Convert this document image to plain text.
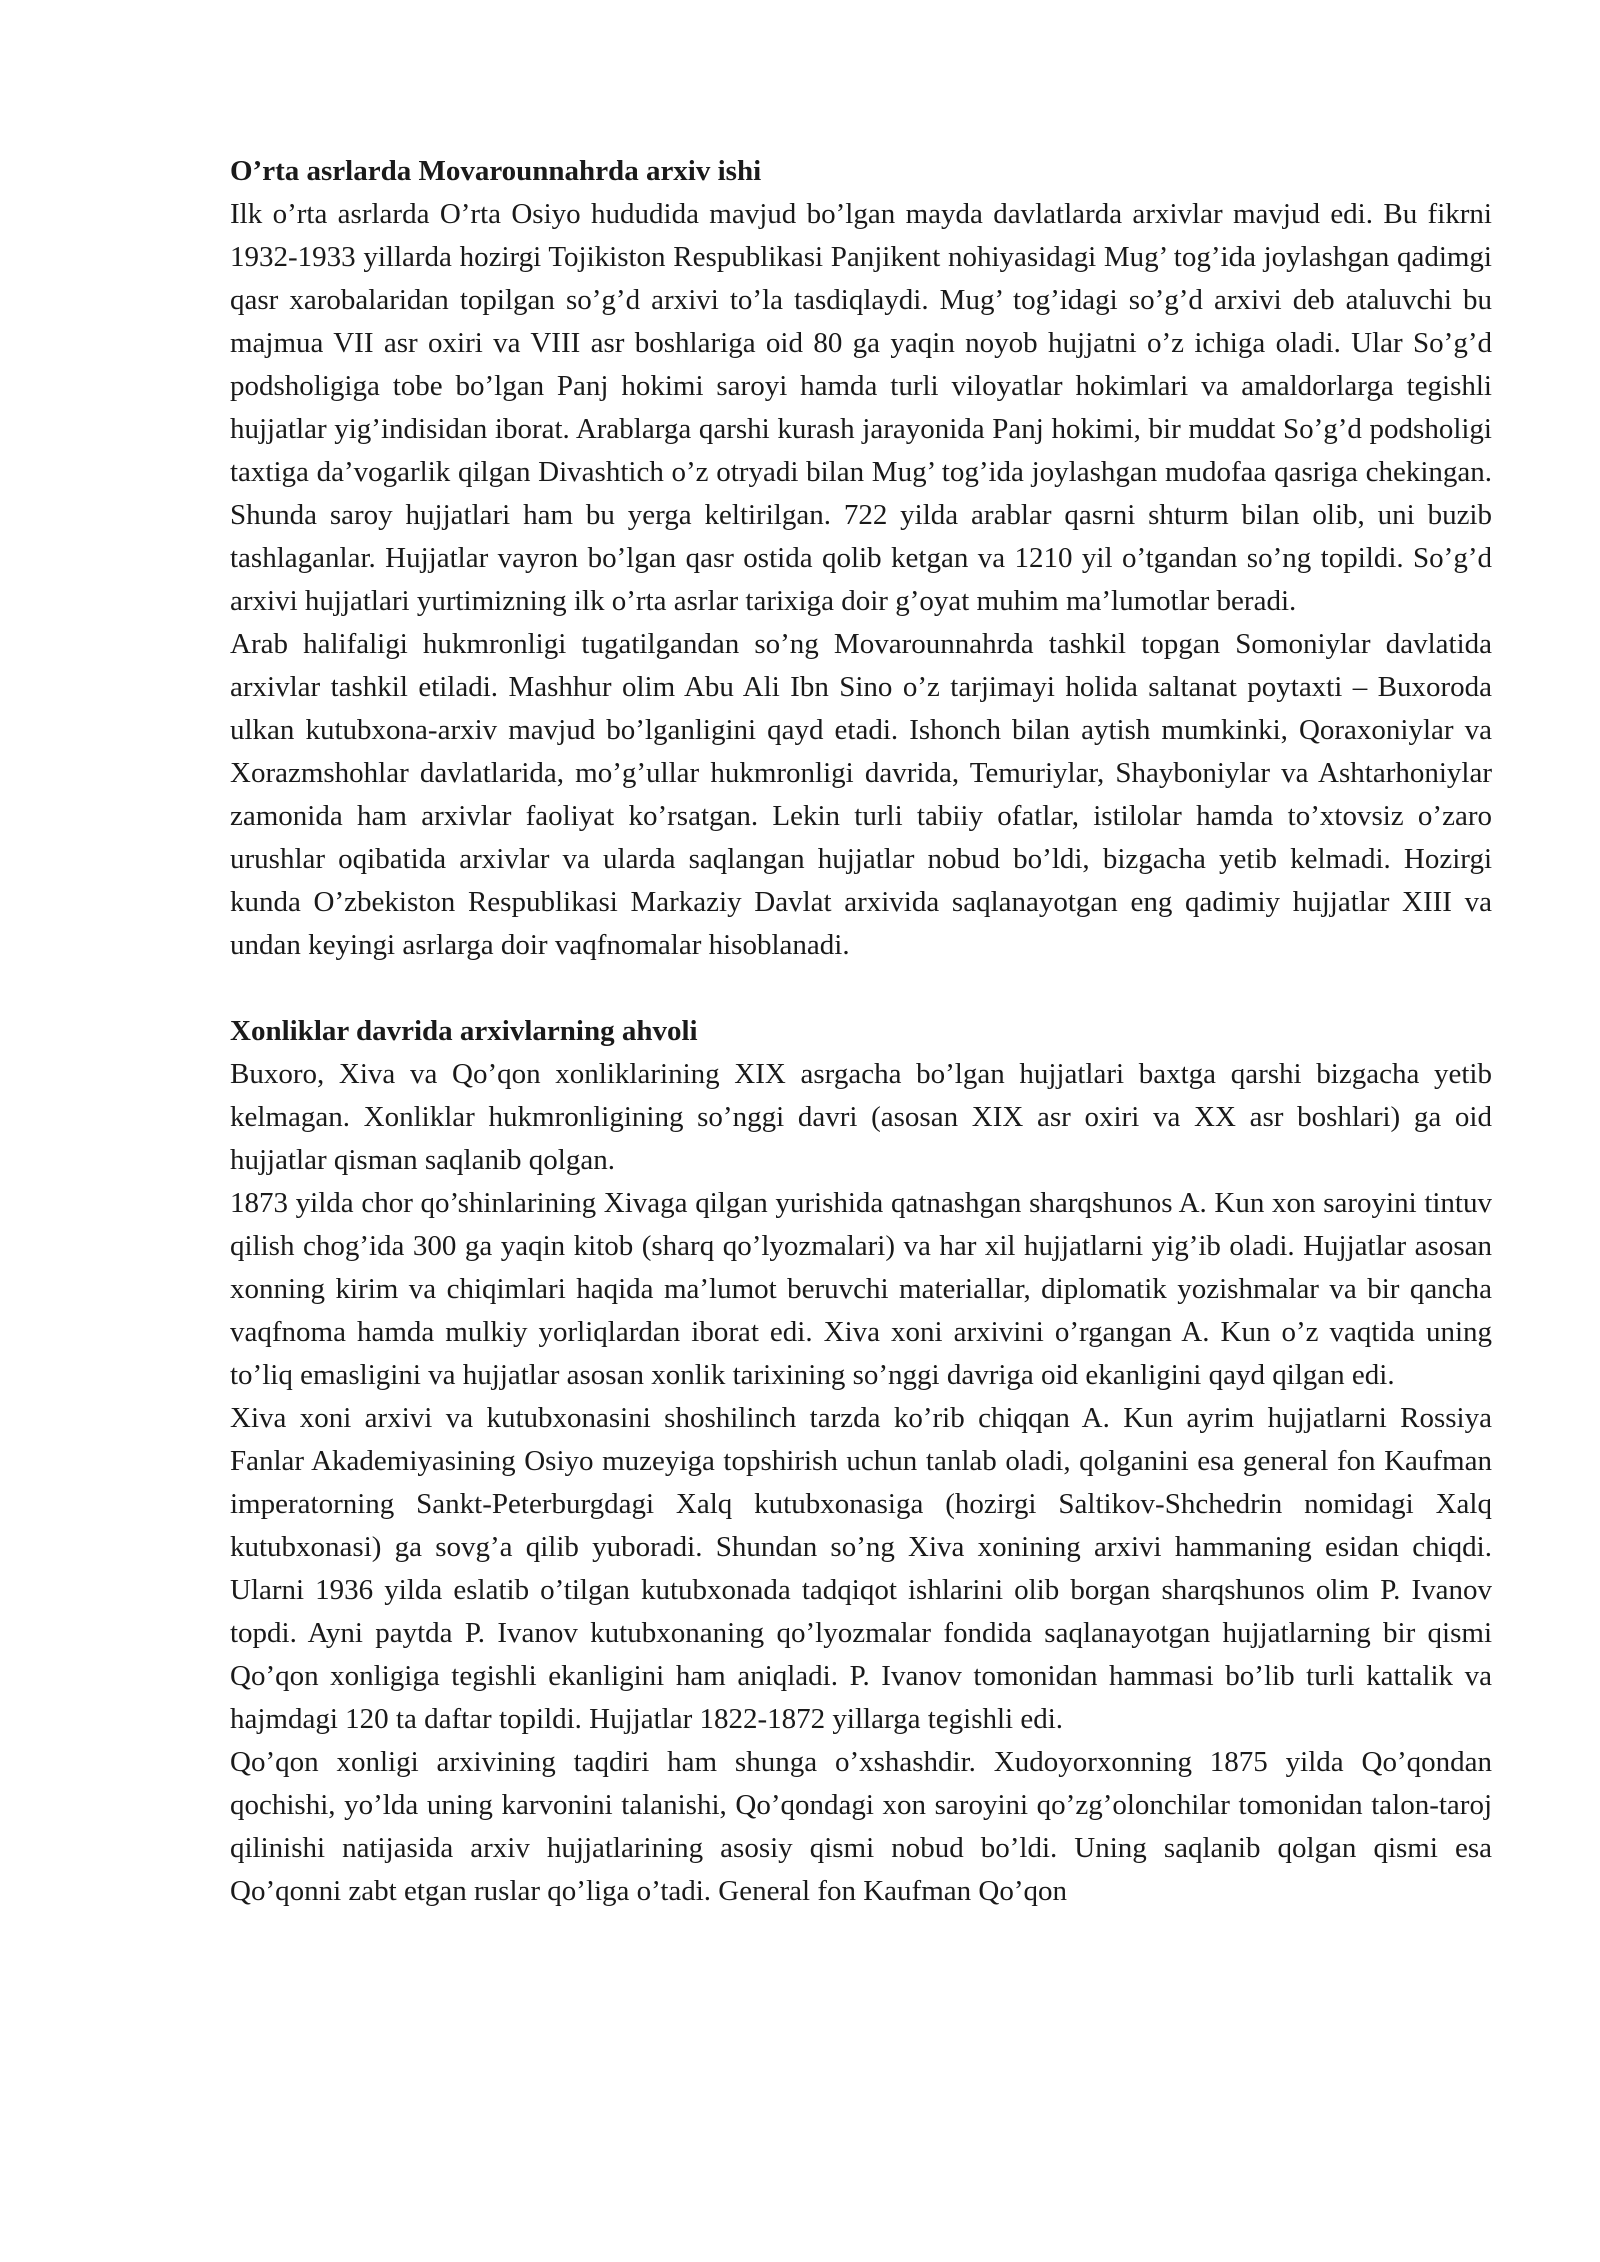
O’rta asrlarda Movarounnahrda arxiv ishi

Ilk o’rta asrlarda O’rta Osiyo hududida mavjud bo’lgan mayda davlatlarda arxivlar mavjud edi. Bu fikrni 1932-1933 yillarda hozirgi Tojikiston Respublikasi Panjikent nohiyasidagi Mug’ tog’ida joylashgan qadimgi qasr xarobalaridan topilgan so’g’d arxivi to’la tasdiqlaydi. Mug’ tog’idagi so’g’d arxivi deb ataluvchi bu majmua VII asr oxiri va VIII asr boshlariga oid 80 ga yaqin noyob hujjatni o’z ichiga oladi. Ular So’g’d podsholigiga tobe bo’lgan Panj hokimi saroyi hamda turli viloyatlar hokimlari va amaldorlarga tegishli hujjatlar yig’indisidan iborat. Arablarga qarshi kurash jarayonida Panj hokimi, bir muddat So’g’d podsholigi taxtiga da’vogarlik qilgan Divashtich o’z otryadi bilan Mug’ tog’ida joylashgan mudofaa qasriga chekingan. Shunda saroy hujjatlari ham bu yerga keltirilgan. 722 yilda arablar qasrni shturm bilan olib, uni buzib tashlaganlar. Hujjatlar vayron bo’lgan qasr ostida qolib ketgan va 1210 yil o’tgandan so’ng topildi. So’g’d arxivi hujjatlari yurtimizning ilk o’rta asrlar tarixiga doir g’oyat muhim ma’lumotlar beradi.

Arab halifaligi hukmronligi tugatilgandan so’ng Movarounnahrda tashkil topgan Somoniylar davlatida arxivlar tashkil etiladi. Mashhur olim Abu Ali Ibn Sino o’z tarjimayi holida saltanat poytaxti – Buxoroda ulkan kutubxona-arxiv mavjud bo’lganligini qayd etadi. Ishonch bilan aytish mumkinki, Qoraxoniylar va Xorazmshohlar davlatlarida, mo’g’ullar hukmronligi davrida, Temuriylar, Shayboniylar va Ashtarhoniylar zamonida ham arxivlar faoliyat ko’rsatgan. Lekin turli tabiiy ofatlar, istilolar hamda to’xtovsiz o’zaro urushlar oqibatida arxivlar va ularda saqlangan hujjatlar nobud bo’ldi, bizgacha yetib kelmadi. Hozirgi kunda O’zbekiston Respublikasi Markaziy Davlat arxivida saqlanayotgan eng qadimiy hujjatlar XIII va undan keyingi asrlarga doir vaqfnomalar hisoblanadi.

Xonliklar davrida arxivlarning ahvoli

Buxoro, Xiva va Qo’qon xonliklarining XIX asrgacha bo’lgan hujjatlari baxtga qarshi bizgacha yetib kelmagan. Xonliklar hukmronligining so’nggi davri (asosan XIX asr oxiri va XX asr boshlari) ga oid hujjatlar qisman saqlanib qolgan.

1873 yilda chor qo’shinlarining Xivaga qilgan yurishida qatnashgan sharqshunos A. Kun xon saroyini tintuv qilish chog’ida 300 ga yaqin kitob (sharq qo’lyozmalari) va har xil hujjatlarni yig’ib oladi. Hujjatlar asosan xonning kirim va chiqimlari haqida ma’lumot beruvchi materiallar, diplomatik yozishmalar va bir qancha vaqfnoma hamda mulkiy yorliqlardan iborat edi. Xiva xoni arxivini o’rgangan A. Kun o’z vaqtida uning to’liq emasligini va hujjatlar asosan xonlik tarixining so’nggi davriga oid ekanligini qayd qilgan edi.

Xiva xoni arxivi va kutubxonasini shoshilinch tarzda ko’rib chiqqan A. Kun ayrim hujjatlarni Rossiya Fanlar Akademiyasining Osiyo muzeyiga topshirish uchun tanlab oladi, qolganini esa general fon Kaufman imperatorning Sankt-Peterburgdagi Xalq kutubxonasiga (hozirgi Saltikov-Shchedrin nomidagi Xalq kutubxonasi) ga sovg’a qilib yuboradi. Shundan so’ng Xiva xonining arxivi hammaning esidan chiqdi. Ularni 1936 yilda eslatib o’tilgan kutubxonada tadqiqot ishlarini olib borgan sharqshunos olim P. Ivanov topdi. Ayni paytda P. Ivanov kutubxonaning qo’lyozmalar fondida saqlanayotgan hujjatlarning bir qismi Qo’qon xonligiga tegishli ekanligini ham aniqladi. P. Ivanov tomonidan hammasi bo’lib turli kattalik va hajmdagi 120 ta daftar topildi. Hujjatlar 1822-1872 yillarga tegishli edi.

Qo’qon xonligi arxivining taqdiri ham shunga o’xshashdir. Xudoyorxonning 1875 yilda Qo’qondan qochishi, yo’lda uning karvonini talanishi, Qo’qondagi xon saroyini qo’zg’olonchilar tomonidan talon-taroj qilinishi natijasida arxiv hujjatlarining asosiy qismi nobud bo’ldi. Uning saqlanib qolgan qismi esa Qo’qonni zabt etgan ruslar qo’liga o’tadi. General fon Kaufman Qo’qon
